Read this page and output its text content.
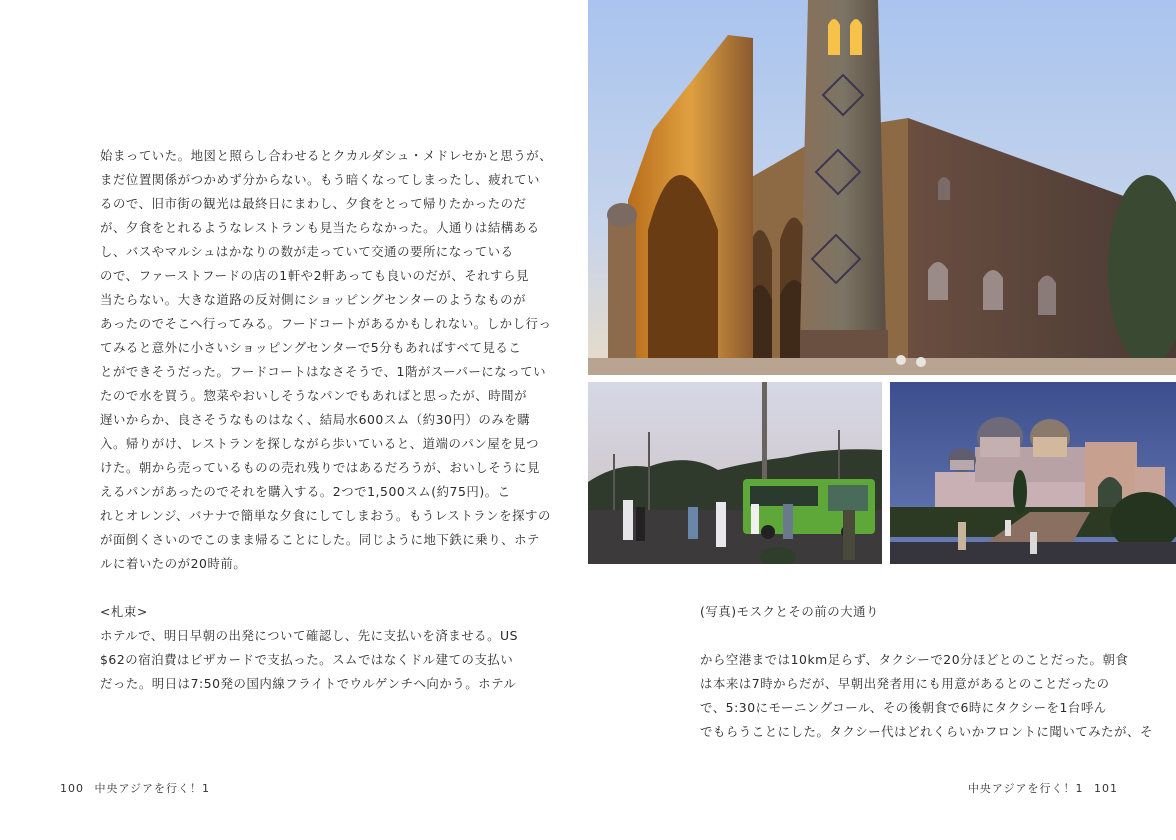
始まっていた。地図と照らし合わせるとクカルダシュ・メドレセかと思うが、
まだ位置関係がつかめず分からない。もう暗くなってしまったし、疲れてい
るので、旧市街の観光は最終日にまわし、夕食をとって帰りたかったのだ
が、夕食をとれるようなレストランも見当たらなかった。人通りは結構ある
し、バスやマルシュはかなりの数が走っていて交通の要所になっている
ので、ファーストフードの店の1軒や2軒あっても良いのだが、それすら見
当たらない。大きな道路の反対側にショッピングセンターのようなものが
あったのでそこへ行ってみる。フードコートがあるかもしれない。しかし行っ
てみると意外に小さいショッピングセンターで5分もあればすべて見るこ
とができそうだった。フードコートはなさそうで、1階がスーパーになってい
たので水を買う。惣菜やおいしそうなパンでもあればと思ったが、時間が
遅いからか、良さそうなものはなく、結局水600スム（約30円）のみを購
入。帰りがけ、レストランを探しながら歩いていると、道端のパン屋を見つ
けた。朝から売っているものの売れ残りではあるだろうが、おいしそうに見
えるパンがあったのでそれを購入する。2つで1,500スム(約75円)。こ
れとオレンジ、バナナで簡単な夕食にしてしまおう。もうレストランを探すの
が面倒くさいのでこのまま帰ることにした。同じように地下鉄に乗り、ホテ
ルに着いたのが20時前。
<札束>
ホテルで、明日早朝の出発について確認し、先に支払いを済ませる。US
$62の宿泊費はビザカードで支払った。スムではなくドル建ての支払い
だった。明日は7:50発の国内線フライトでウルゲンチへ向かう。ホテル
100 中央アジアを行く！1
(写真)モスクとその前の大通り
から空港までは10km足らず、タクシーで20分ほどとのことだった。朝食
は本来は7時からだが、早朝出発者用にも用意があるとのことだったの
で、5:30にモーニングコール、その後朝食で6時にタクシーを1台呼ん
でもらうことにした。タクシー代はどれくらいかフロントに聞いてみたが、そ
中央アジアを行く！1 101
